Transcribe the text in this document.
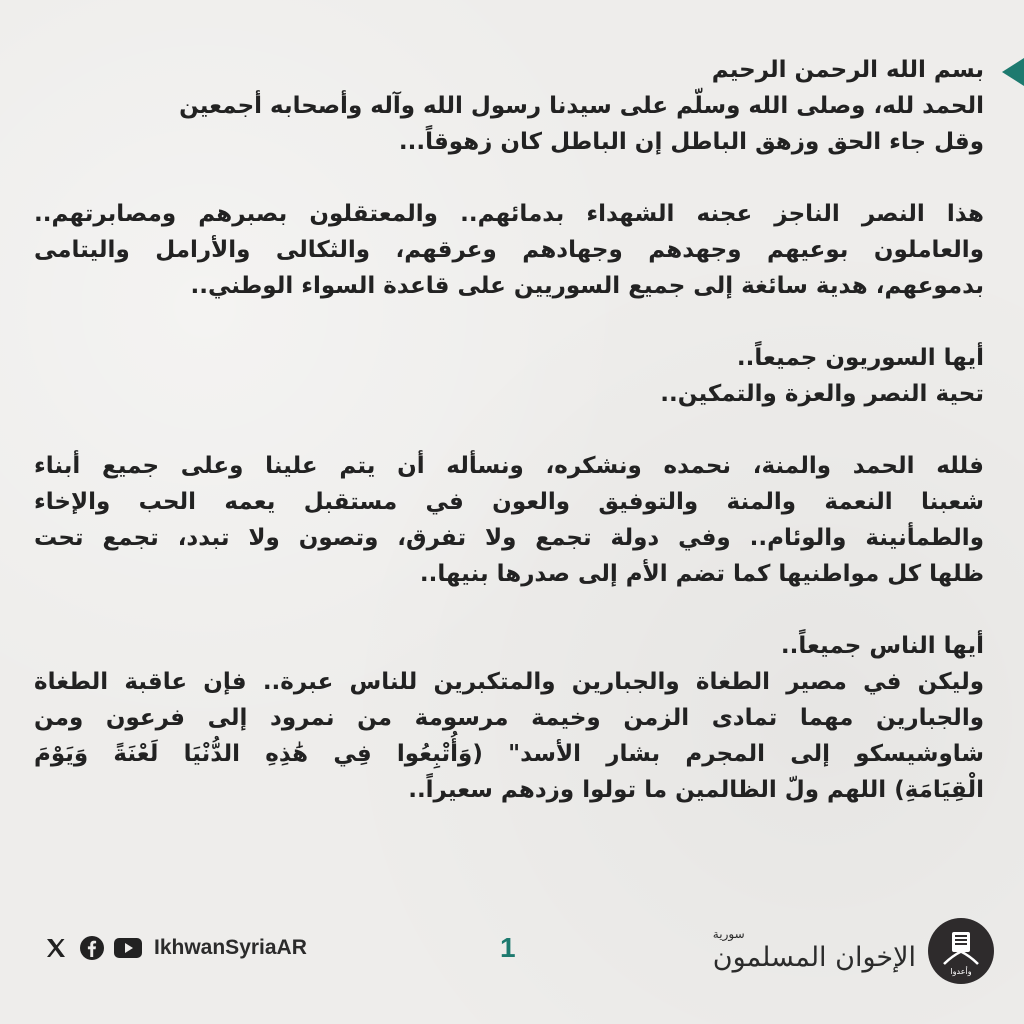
بسم الله الرحمن الرحيم
الحمد لله، وصلى الله وسلّم على سيدنا رسول الله وآله وأصحابه أجمعين
وقل جاء الحق وزهق الباطل إن الباطل كان زهوقاً...
هذا النصر الناجز عجنه الشهداء بدمائهم.. والمعتقلون بصبرهم ومصابرتهم..
والعاملون بوعيهم وجهدهم وجهادهم وعرقهم، والثكالى والأرامل واليتامى
بدموعهم، هدية سائغة إلى جميع السوريين على قاعدة السواء الوطني..
أيها السوريون جميعاً..
تحية النصر والعزة والتمكين..
فلله الحمد والمنة، نحمده ونشكره، ونسأله أن يتم علينا وعلى جميع أبناء
شعبنا النعمة والمنة والتوفيق والعون في مستقبل يعمه الحب والإخاء
والطمأنينة والوئام.. وفي دولة تجمع ولا تفرق، وتصون ولا تبدد، تجمع تحت
ظلها كل مواطنيها كما تضم الأم إلى صدرها بنيها..
أيها الناس جميعاً..
وليكن في مصير الطغاة والجبارين والمتكبرين للناس عبرة.. فإن عاقبة الطغاة
والجبارين مهما تمادى الزمن وخيمة مرسومة من نمرود إلى فرعون ومن
شاوشيسكو إلى المجرم بشار الأسد" (وَأُتْبِعُوا فِي هَٰذِهِ الدُّنْيَا لَعْنَةً وَيَوْمَ
الْقِيَامَةِ) اللهم ولّ الظالمين ما تولوا وزدهم سعيراً..
IkhwanSyriaAR	1	سورية
الإخوان المسلمون	وأعدوا
